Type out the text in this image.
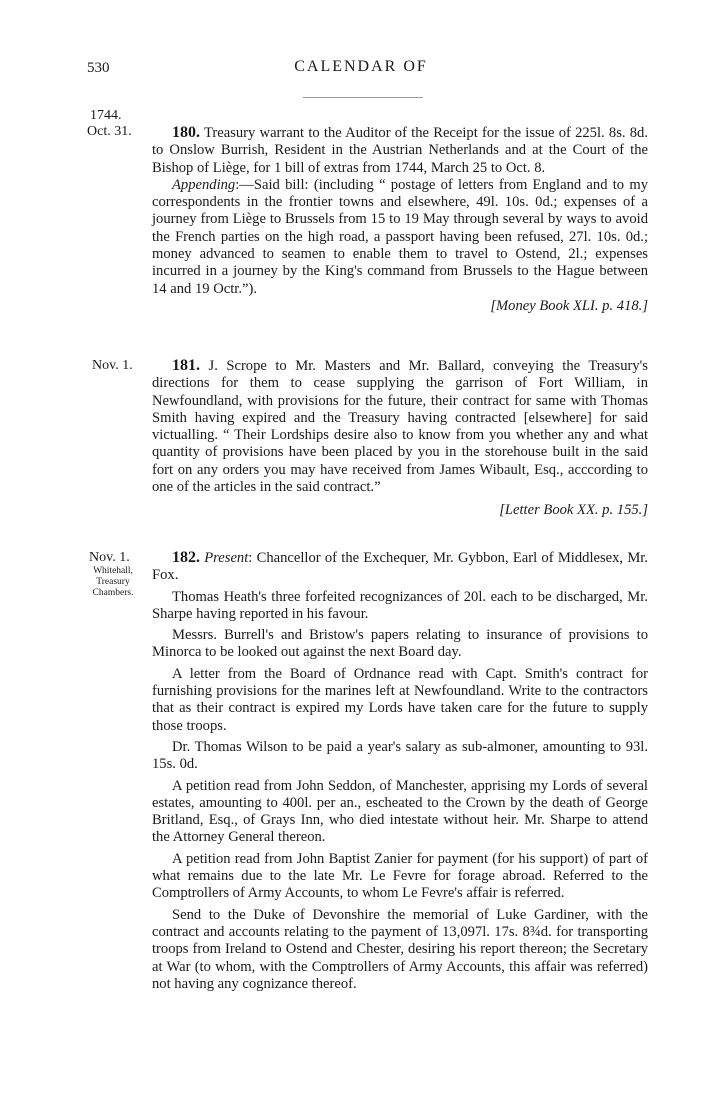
530	CALENDAR OF
1744.
Oct. 31.	180. Treasury warrant to the Auditor of the Receipt for the issue of 225l. 8s. 8d. to Onslow Burrish, Resident in the Austrian Netherlands and at the Court of the Bishop of Liège, for 1 bill of extras from 1744, March 25 to Oct. 8.

Appending:—Said bill: (including “ postage of letters from England and to my correspondents in the frontier towns and elsewhere, 49l. 10s. 0d.; expenses of a journey from Liège to Brussels from 15 to 19 May through several by ways to avoid the French parties on the high road, a passport having been refused, 27l. 10s. 0d.; money advanced to seamen to enable them to travel to Ostend, 2l.; expenses incurred in a journey by the King's command from Brussels to the Hague between 14 and 19 Octr.”).

[Money Book XLI. p. 418.]

Nov. 1.	181. J. Scrope to Mr. Masters and Mr. Ballard, conveying the Treasury's directions for them to cease supplying the garrison of Fort William, in Newfoundland, with provisions for the future, their contract for same with Thomas Smith having expired and the Treasury having contracted [elsewhere] for said victualling. “ Their Lordships desire also to know from you whether any and what quantity of provisions have been placed by you in the storehouse built in the said fort on any orders you may have received from James Wibault, Esq., acccording to one of the articles in the said contract.”

[Letter Book XX. p. 155.]

Nov. 1.
Whitehall,
Treasury
Chambers.

182. Present: Chancellor of the Exchequer, Mr. Gybbon, Earl of Middlesex, Mr. Fox.

Thomas Heath's three forfeited recognizances of 20l. each to be discharged, Mr. Sharpe having reported in his favour.

Messrs. Burrell's and Bristow's papers relating to insurance of provisions to Minorca to be looked out against the next Board day.

A letter from the Board of Ordnance read with Capt. Smith's contract for furnishing provisions for the marines left at Newfoundland. Write to the contractors that as their contract is expired my Lords have taken care for the future to supply those troops.

Dr. Thomas Wilson to be paid a year's salary as sub-almoner, amounting to 93l. 15s. 0d.

A petition read from John Seddon, of Manchester, apprising my Lords of several estates, amounting to 400l. per an., escheated to the Crown by the death of George Britland, Esq., of Grays Inn, who died intestate without heir. Mr. Sharpe to attend the Attorney General thereon.

A petition read from John Baptist Zanier for payment (for his support) of part of what remains due to the late Mr. Le Fevre for forage abroad. Referred to the Comptrollers of Army Accounts, to whom Le Fevre's affair is referred.

Send to the Duke of Devonshire the memorial of Luke Gardiner, with the contract and accounts relating to the payment of 13,097l. 17s. 8¾d. for transporting troops from Ireland to Ostend and Chester, desiring his report thereon; the Secretary at War (to whom, with the Comptrollers of Army Accounts, this affair was referred) not having any cognizance thereof.
